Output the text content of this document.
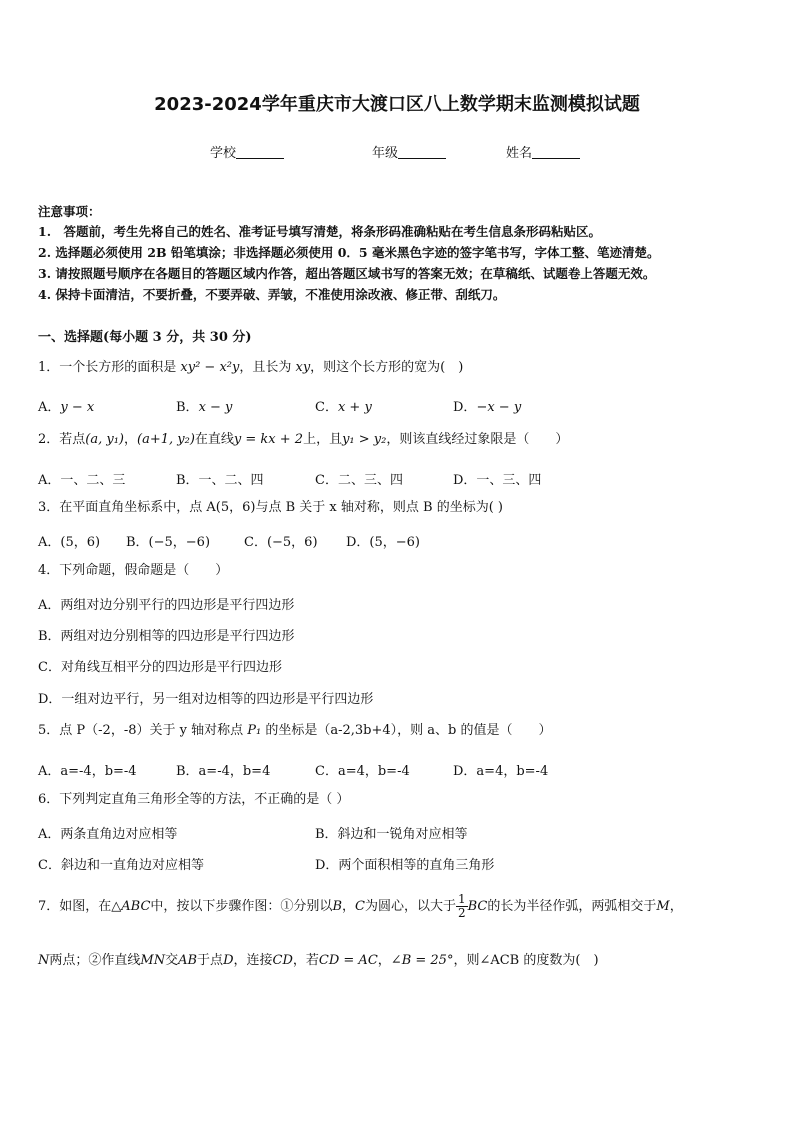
2023-2024学年重庆市大渡口区八上数学期末监测模拟试题
学校	年级	姓名
注意事项：
1.　答题前，考生先将自己的姓名、准考证号填写清楚，将条形码准确粘贴在考生信息条形码粘贴区。
2. 选择题必须使用 2B 铅笔填涂；非选择题必须使用 0．5 毫米黑色字迹的签字笔书写，字体工整、笔迹清楚。
3. 请按照题号顺序在各题目的答题区域内作答，超出答题区域书写的答案无效；在草稿纸、试题卷上答题无效。
4. 保持卡面清洁，不要折叠，不要弄破、弄皱，不准使用涂改液、修正带、刮纸刀。
一、选择题(每小题 3 分，共 30 分)
1．一个长方形的面积是 xy² − x²y，且长为 xy，则这个长方形的宽为(　)
A．y − x	B．x − y	C．x + y	D．−x − y
2．若点(a, y₁)，(a+1, y₂)在直线y = kx + 2上，且y₁ > y₂，则该直线经过象限是（　　）
A．一、二、三	B．一、二、四	C．二、三、四	D．一、三、四
3．在平面直角坐标系中，点 A(5，6)与点 B 关于 x 轴对称，则点 B 的坐标为( )
A．(5，6) B．(−5，−6)	C．(−5，6) D．(5，−6)
4．下列命题，假命题是（　　）
A．两组对边分别平行的四边形是平行四边形
B．两组对边分别相等的四边形是平行四边形
C．对角线互相平分的四边形是平行四边形
D．一组对边平行，另一组对边相等的四边形是平行四边形
5．点 P（-2，-8）关于 y 轴对称点 P₁ 的坐标是（a-2,3b+4），则 a、b 的值是（　　）
A．a=-4，b=-4	B．a=-4，b=4	C．a=4，b=-4	D．a=4，b=-4
6．下列判定直角三角形全等的方法，不正确的是（ ）
A．两条直角边对应相等	B．斜边和一锐角对应相等
C．斜边和一直角边对应相等	D．两个面积相等的直角三角形
7．如图，在△ABC中，按以下步骤作图：①分别以B，C为圆心，以大于 $\frac{1}{2}$ BC的长为半径作弧，两弧相交于M，
N两点；②作直线MN交AB于点D，连接CD，若CD = AC，∠B = 25°，则∠ACB 的度数为(　)
